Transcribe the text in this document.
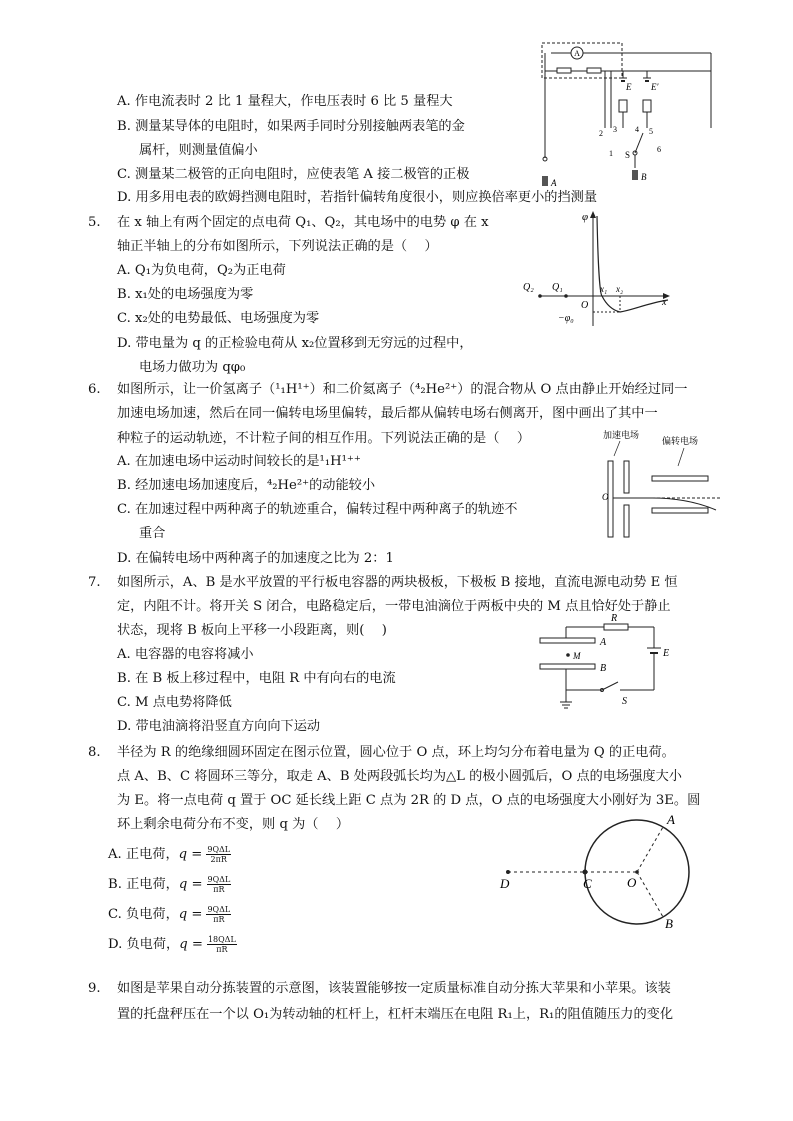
A. 作电流表时 2 比 1 量程大，作电压表时 6 比 5 量程大
B. 测量某导体的电阻时，如果两手同时分别接触两表笔的金
属杆，则测量值偏小
C. 测量某二极管的正向电阻时，应使表笔 A 接二极管的正极
D. 用多用电表的欧姆挡测电阻时，若指针偏转角度很小，则应换倍率更小的挡测量
A
A
E E′
2 3 4 5
1 S
6
B
5. 在 x 轴上有两个固定的点电荷 Q₁、Q₂，其电场中的电势 φ 在 x
轴正半轴上的分布如图所示，下列说法正确的是（　 ）
A. Q₁为负电荷，Q₂为正电荷
B. x₁处的电场强度为零
C. x₂处的电势最低、电场强度为零
D. 带电量为 q 的正检验电荷从 x₂位置移到无穷远的过程中，
电场力做功为 qφ₀
φ
x
Q₂ Q₁
O
x₁ x₂
−φ₀
6. 如图所示，让一价氢离子（¹₁H¹⁺）和二价氦离子（⁴₂He²⁺）的混合物从 O 点由静止开始经过同一
加速电场加速，然后在同一偏转电场里偏转，最后都从偏转电场右侧离开，图中画出了其中一
种粒子的运动轨迹，不计粒子间的相互作用。下列说法正确的是（　 ）
A. 在加速电场中运动时间较长的是¹₁H¹⁺⁺
B. 经加速电场加速度后，⁴₂He²⁺的动能较小
C. 在加速过程中两种离子的轨迹重合，偏转过程中两种离子的轨迹不
重合
D. 在偏转电场中两种离子的加速度之比为 2：1
加速电场
偏转电场
O
7. 如图所示，A、B 是水平放置的平行板电容器的两块极板，下极板 B 接地，直流电源电动势 E 恒
定，内阻不计。将开关 S 闭合，电路稳定后，一带电油滴位于两板中央的 M 点且恰好处于静止
状态，现将 B 板向上平移一小段距离，则(　 )
A. 电容器的电容将减小
B. 在 B 板上移过程中，电阻 R 中有向右的电流
C. M 点电势将降低
D. 带电油滴将沿竖直方向向下运动
R
E
A
M
B
S
8. 半径为 R 的绝缘细圆环固定在图示位置，圆心位于 O 点，环上均匀分布着电量为 Q 的正电荷。
点 A、B、C 将圆环三等分，取走 A、B 处两段弧长均为△L 的极小圆弧后，O 点的电场强度大小
为 E。将一点电荷 q 置于 OC 延长线上距 C 点为 2R 的 D 点，O 点的电场强度大小刚好为 3E。圆
环上剩余电荷分布不变，则 q 为（　 ）
A. 正电荷，$q = \frac{\text{9QΔL}}{2\pi R}$
B. 正电荷，$q = \frac{\text{9QΔL}}{\pi R}$
C. 负电荷，$q = \frac{\text{9QΔL}}{\pi R}$
D. 负电荷，$q = \frac{\text{18QΔL}}{\pi R}$
D	C	O
A
B
9. 如图是苹果自动分拣装置的示意图，该装置能够按一定质量标准自动分拣大苹果和小苹果。该装
置的托盘秤压在一个以 O₁为转动轴的杠杆上，杠杆末端压在电阻 R₁上，R₁的阻值随压力的变化
